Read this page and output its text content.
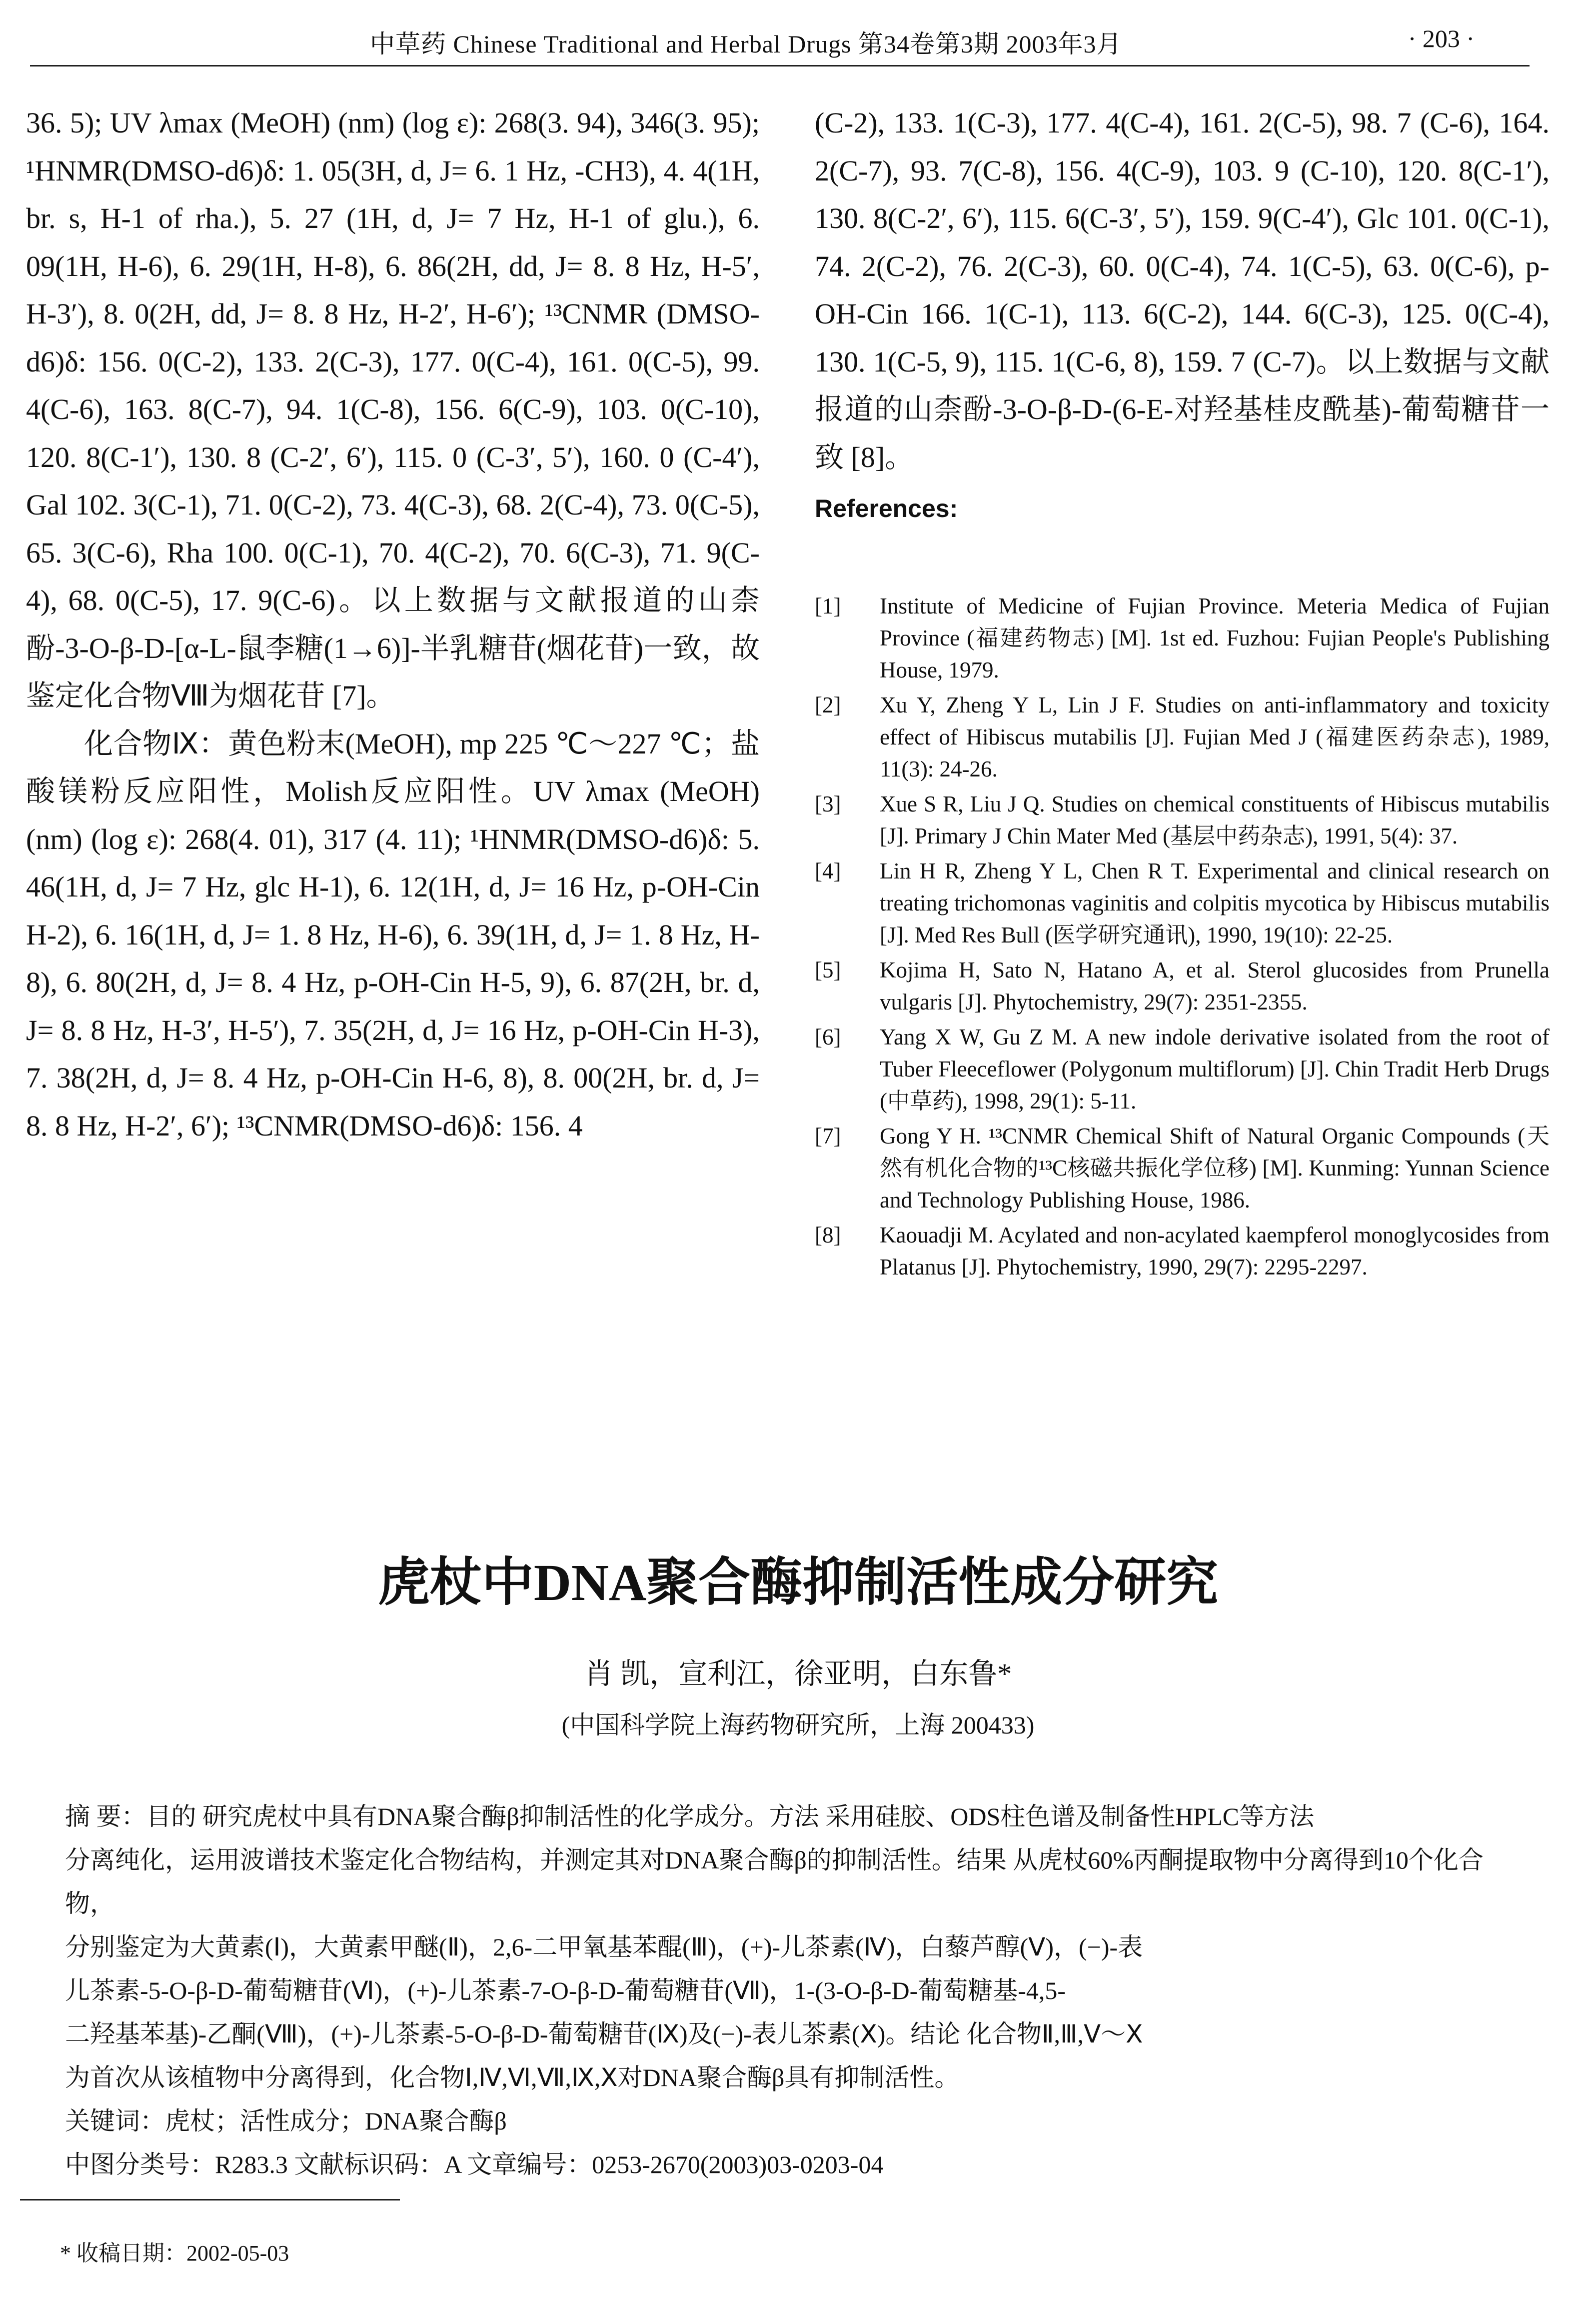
中草药 Chinese Traditional and Herbal Drugs 第34卷第3期 2003年3月	· 203 ·

36. 5); UV λmax (MeOH) (nm) (log ε): 268(3. 94), 346(3. 95); ¹HNMR(DMSO-d6)δ: 1. 05(3H, d, J= 6. 1 Hz, -CH3), 4. 4(1H, br. s, H-1 of rha.), 5. 27 (1H, d, J= 7 Hz, H-1 of glu.), 6. 09(1H, H-6), 6. 29(1H, H-8), 6. 86(2H, dd, J= 8. 8 Hz, H-5′, H-3′), 8. 0(2H, dd, J= 8. 8 Hz, H-2′, H-6′); ¹³CNMR (DMSO-d6)δ: 156. 0(C-2), 133. 2(C-3), 177. 0(C-4), 161. 0(C-5), 99. 4(C-6), 163. 8(C-7), 94. 1(C-8), 156. 6(C-9), 103. 0(C-10), 120. 8(C-1′), 130. 8 (C-2′, 6′), 115. 0 (C-3′, 5′), 160. 0 (C-4′), Gal 102. 3(C-1), 71. 0(C-2), 73. 4(C-3), 68. 2(C-4), 73. 0(C-5), 65. 3(C-6), Rha 100. 0(C-1), 70. 4(C-2), 70. 6(C-3), 71. 9(C-4), 68. 0(C-5), 17. 9(C-6)。以上数据与文献报道的山柰酚-3-O-β-D-[α-L-鼠李糖(1→6)]-半乳糖苷(烟花苷)一致，故鉴定化合物Ⅷ为烟花苷 [7]。

化合物Ⅸ：黄色粉末(MeOH), mp 225 ℃～227 ℃；盐酸镁粉反应阳性，Molish反应阳性。UV λmax (MeOH) (nm) (log ε): 268(4. 01), 317 (4. 11); ¹HNMR(DMSO-d6)δ: 5. 46(1H, d, J= 7 Hz, glc H-1), 6. 12(1H, d, J= 16 Hz, p-OH-Cin H-2), 6. 16(1H, d, J= 1. 8 Hz, H-6), 6. 39(1H, d, J= 1. 8 Hz, H-8), 6. 80(2H, d, J= 8. 4 Hz, p-OH-Cin H-5, 9), 6. 87(2H, br. d, J= 8. 8 Hz, H-3′, H-5′), 7. 35(2H, d, J= 16 Hz, p-OH-Cin H-3), 7. 38(2H, d, J= 8. 4 Hz, p-OH-Cin H-6, 8), 8. 00(2H, br. d, J= 8. 8 Hz, H-2′, 6′); ¹³CNMR(DMSO-d6)δ: 156. 4

(C-2), 133. 1(C-3), 177. 4(C-4), 161. 2(C-5), 98. 7 (C-6), 164. 2(C-7), 93. 7(C-8), 156. 4(C-9), 103. 9 (C-10), 120. 8(C-1′), 130. 8(C-2′, 6′), 115. 6(C-3′, 5′), 159. 9(C-4′), Glc 101. 0(C-1), 74. 2(C-2), 76. 2(C-3), 60. 0(C-4), 74. 1(C-5), 63. 0(C-6), p-OH-Cin 166. 1(C-1), 113. 6(C-2), 144. 6(C-3), 125. 0(C-4), 130. 1(C-5, 9), 115. 1(C-6, 8), 159. 7 (C-7)。以上数据与文献报道的山柰酚-3-O-β-D-(6-E-对羟基桂皮酰基)-葡萄糖苷一致 [8]。

References:

[1] Institute of Medicine of Fujian Province. Meteria Medica of Fujian Province (福建药物志) [M]. 1st ed. Fuzhou: Fujian People's Publishing House, 1979.
[2] Xu Y, Zheng Y L, Lin J F. Studies on anti-inflammatory and toxicity effect of Hibiscus mutabilis [J]. Fujian Med J (福建医药杂志), 1989, 11(3): 24-26.
[3] Xue S R, Liu J Q. Studies on chemical constituents of Hibiscus mutabilis [J]. Primary J Chin Mater Med (基层中药杂志), 1991, 5(4): 37.
[4] Lin H R, Zheng Y L, Chen R T. Experimental and clinical research on treating trichomonas vaginitis and colpitis mycotica by Hibiscus mutabilis [J]. Med Res Bull (医学研究通讯), 1990, 19(10): 22-25.
[5] Kojima H, Sato N, Hatano A, et al. Sterol glucosides from Prunella vulgaris [J]. Phytochemistry, 29(7): 2351-2355.
[6] Yang X W, Gu Z M. A new indole derivative isolated from the root of Tuber Fleeceflower (Polygonum multiflorum) [J]. Chin Tradit Herb Drugs (中草药), 1998, 29(1): 5-11.
[7] Gong Y H. ¹³CNMR Chemical Shift of Natural Organic Compounds (天然有机化合物的¹³C核磁共振化学位移) [M]. Kunming: Yunnan Science and Technology Publishing House, 1986.
[8] Kaouadji M. Acylated and non-acylated kaempferol monoglycosides from Platanus [J]. Phytochemistry, 1990, 29(7): 2295-2297.
虎杖中DNA聚合酶抑制活性成分研究
肖 凯，宣利江，徐亚明，白东鲁*
(中国科学院上海药物研究所，上海 200433)

摘 要：目的 研究虎杖中具有DNA聚合酶β抑制活性的化学成分。方法 采用硅胶、ODS柱色谱及制备性HPLC等方法

分离纯化，运用波谱技术鉴定化合物结构，并测定其对DNA聚合酶β的抑制活性。结果 从虎杖60%丙酮提取物中分离得到10个化合物，

分别鉴定为大黄素(Ⅰ)，大黄素甲醚(Ⅱ)，2,6-二甲氧基苯醌(Ⅲ)，(+)-儿茶素(Ⅳ)，白藜芦醇(Ⅴ)，(−)-表

儿茶素-5-O-β-D-葡萄糖苷(Ⅵ)，(+)-儿茶素-7-O-β-D-葡萄糖苷(Ⅶ)，1-(3-O-β-D-葡萄糖基-4,5-

二羟基苯基)-乙酮(Ⅷ)，(+)-儿茶素-5-O-β-D-葡萄糖苷(Ⅸ)及(−)-表儿茶素(Ⅹ)。结论 化合物Ⅱ,Ⅲ,Ⅴ～Ⅹ

为首次从该植物中分离得到，化合物Ⅰ,Ⅳ,Ⅵ,Ⅶ,Ⅸ,Ⅹ对DNA聚合酶β具有抑制活性。

关键词：虎杖；活性成分；DNA聚合酶β

中图分类号：R283.3 文献标识码：A 文章编号：0253-2670(2003)03-0203-04

* 收稿日期：2002-05-03
